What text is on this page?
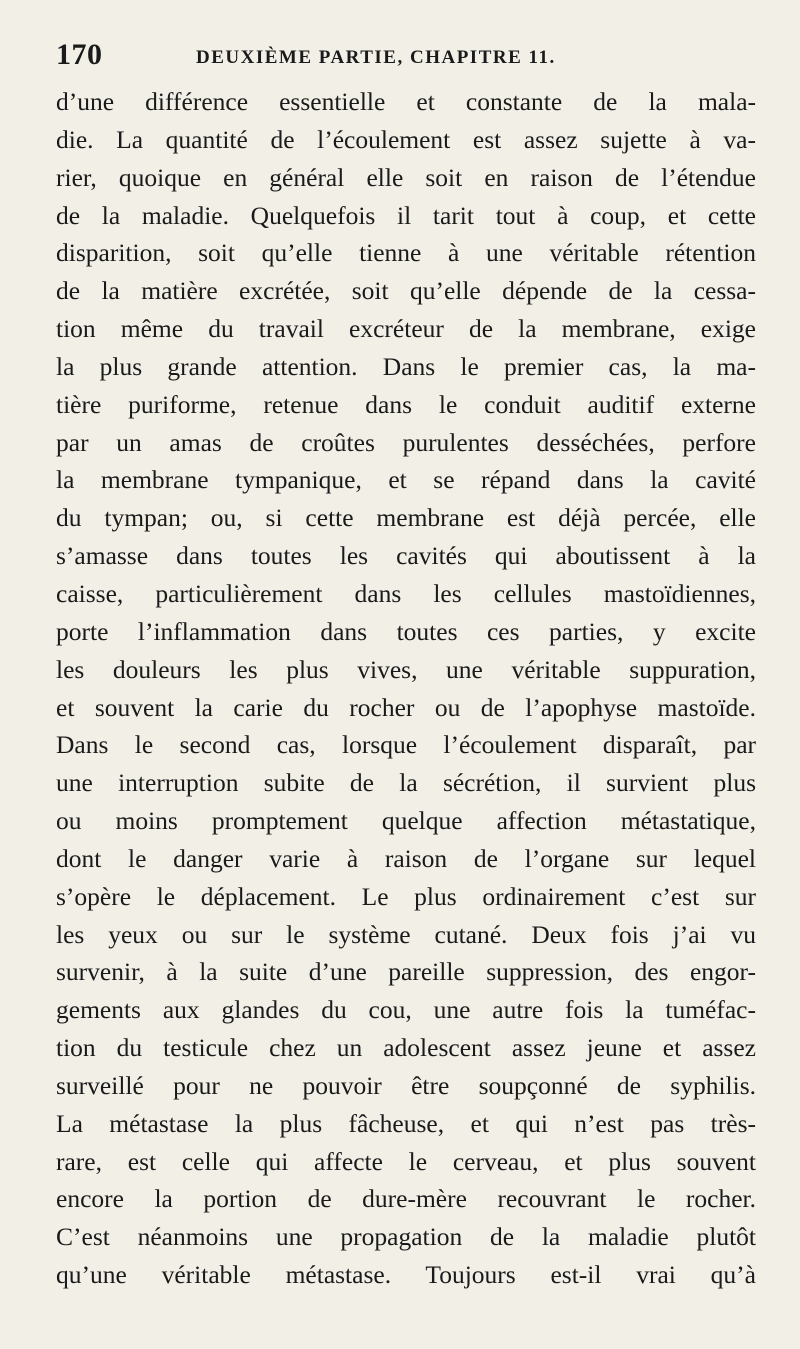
170	DEUXIÈME PARTIE, CHAPITRE 11.
d’une différence essentielle et constante de la mala-
die. La quantité de l’écoulement est assez sujette à va-
rier, quoique en général elle soit en raison de l’étendue
de la maladie. Quelquefois il tarit tout à coup, et cette
disparition, soit qu’elle tienne à une véritable rétention
de la matière excrétée, soit qu’elle dépende de la cessa-
tion même du travail excréteur de la membrane, exige
la plus grande attention. Dans le premier cas, la ma-
tière puriforme, retenue dans le conduit auditif externe
par un amas de croûtes purulentes desséchées, perfore
la membrane tympanique, et se répand dans la cavité
du tympan; ou, si cette membrane est déjà percée, elle
s’amasse dans toutes les cavités qui aboutissent à la
caisse, particulièrement dans les cellules mastoïdiennes,
porte l’inflammation dans toutes ces parties, y excite
les douleurs les plus vives, une véritable suppuration,
et souvent la carie du rocher ou de l’apophyse mastoïde.
Dans le second cas, lorsque l’écoulement disparaît, par
une interruption subite de la sécrétion, il survient plus
ou moins promptement quelque affection métastatique,
dont le danger varie à raison de l’organe sur lequel
s’opère le déplacement. Le plus ordinairement c’est sur
les yeux ou sur le système cutané. Deux fois j’ai vu
survenir, à la suite d’une pareille suppression, des engor-
gements aux glandes du cou, une autre fois la tuméfac-
tion du testicule chez un adolescent assez jeune et assez
surveillé pour ne pouvoir être soupçonné de syphilis.
La métastase la plus fâcheuse, et qui n’est pas très-
rare, est celle qui affecte le cerveau, et plus souvent
encore la portion de dure-mère recouvrant le rocher.
C’est néanmoins une propagation de la maladie plutôt
qu’une véritable métastase. Toujours est-il vrai qu’à
